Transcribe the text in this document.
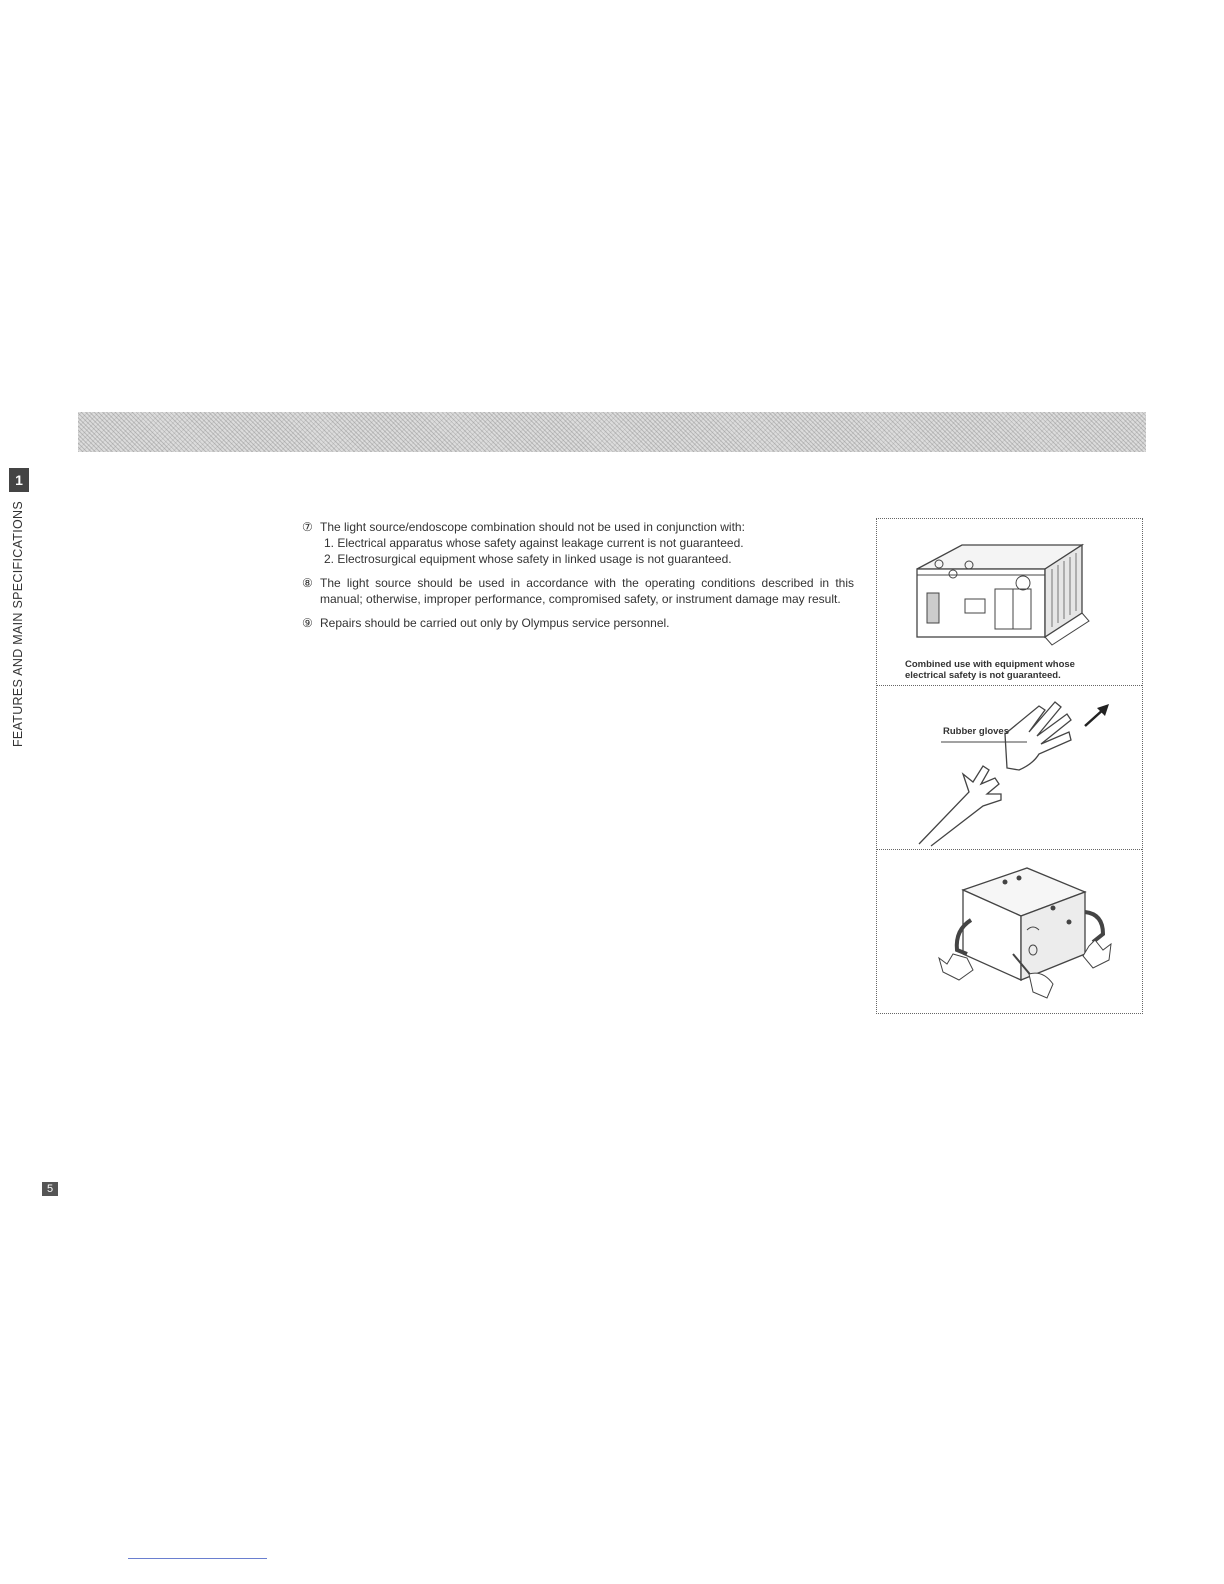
1
FEATURES AND MAIN SPECIFICATIONS
5
⑦ The light source/endoscope combination should not be used in conjunction with:
1. Electrical apparatus whose safety against leakage current is not guaranteed.
2. Electrosurgical equipment whose safety in linked usage is not guaranteed.
⑧ The light source should be used in accordance with the operating conditions described in this manual; otherwise, improper performance, compromised safety, or instrument damage may result.
⑨ Repairs should be carried out only by Olympus service personnel.
Combined use with equipment whose electrical safety is not guaranteed.
Rubber gloves
